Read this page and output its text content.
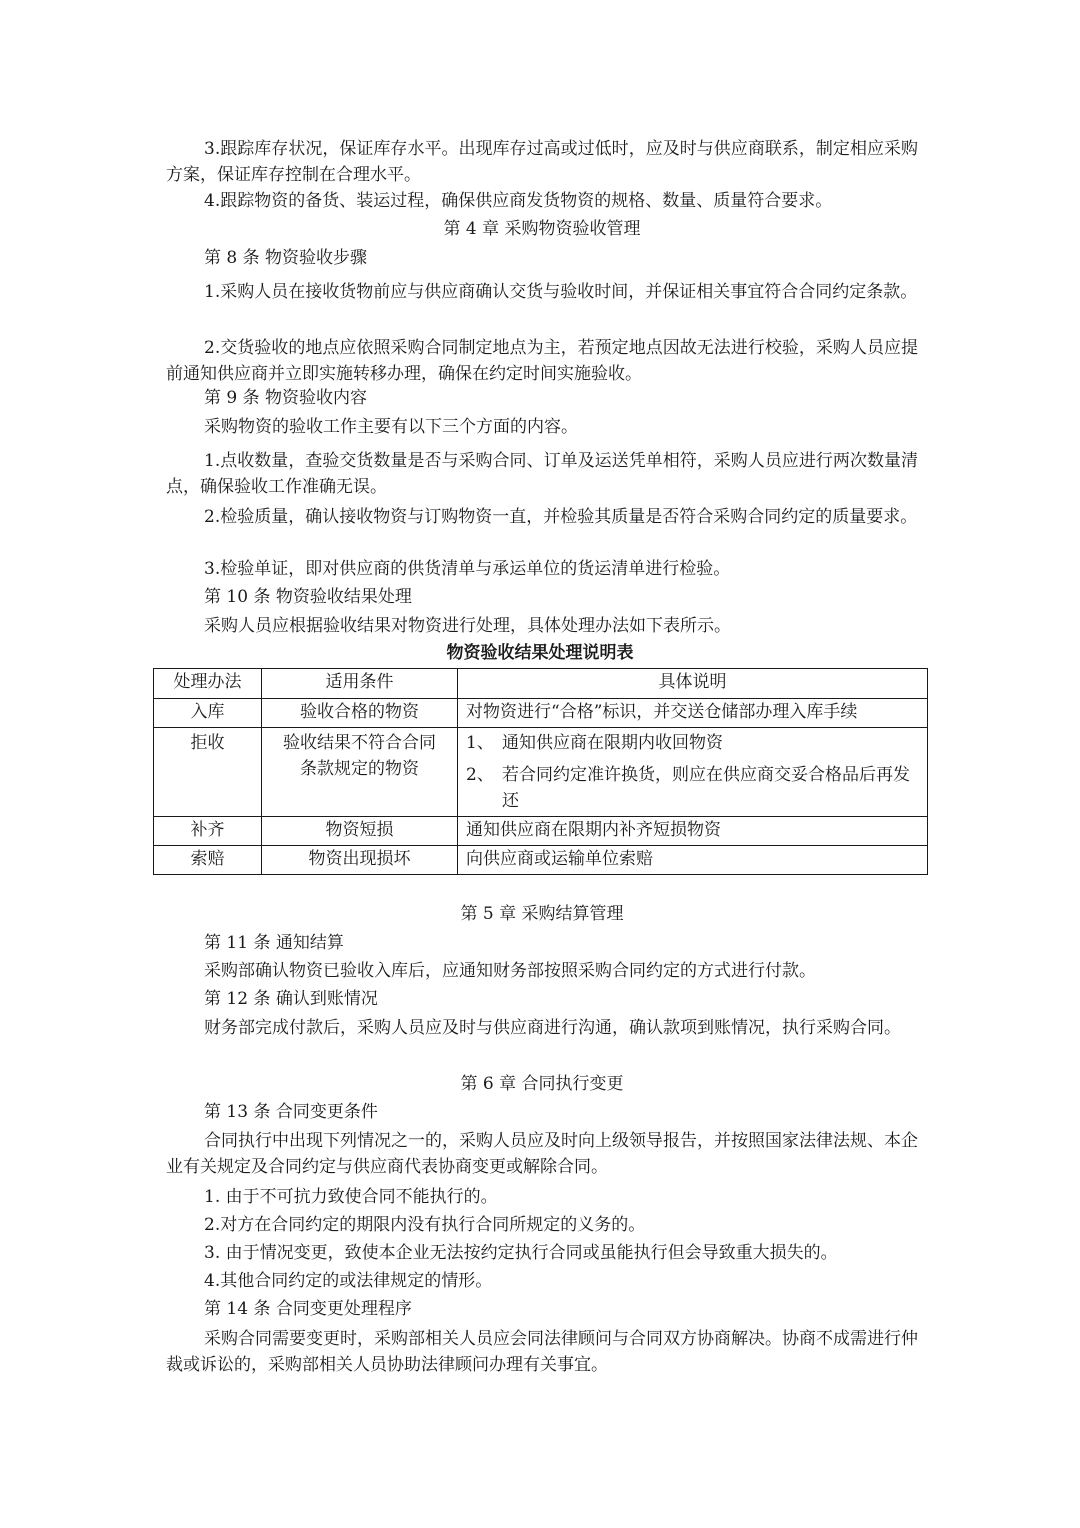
3.跟踪库存状况，保证库存水平。出现库存过高或过低时，应及时与供应商联系，制定相应采购方案，保证库存控制在合理水平。

4.跟踪物资的备货、装运过程，确保供应商发货物资的规格、数量、质量符合要求。

第 4 章 采购物资验收管理

第 8 条 物资验收步骤

1.采购人员在接收货物前应与供应商确认交货与验收时间，并保证相关事宜符合合同约定条款。

2.交货验收的地点应依照采购合同制定地点为主，若预定地点因故无法进行校验，采购人员应提前通知供应商并立即实施转移办理，确保在约定时间实施验收。

第 9 条 物资验收内容

采购物资的验收工作主要有以下三个方面的内容。

1.点收数量，查验交货数量是否与采购合同、订单及运送凭单相符，采购人员应进行两次数量清点，确保验收工作准确无误。

2.检验质量，确认接收物资与订购物资一直，并检验其质量是否符合采购合同约定的质量要求。

3.检验单证，即对供应商的供货清单与承运单位的货运清单进行检验。

第 10 条 物资验收结果处理

采购人员应根据验收结果对物资进行处理，具体处理办法如下表所示。

物资验收结果处理说明表

处理办法	适用条件	具体说明
入库	验收合格的物资	对物资进行“合格”标识，并交送仓储部办理入库手续
拒收	验收结果不符合合同条款规定的物资	1、 通知供应商在限期内收回物资
2、 若合同约定准许换货，则应在供应商交妥合格品后再发还

补齐	物资短损	通知供应商在限期内补齐短损物资
索赔	物资出现损坏	向供应商或运输单位索赔

第 5 章 采购结算管理

第 11 条 通知结算

采购部确认物资已验收入库后，应通知财务部按照采购合同约定的方式进行付款。

第 12 条 确认到账情况

财务部完成付款后，采购人员应及时与供应商进行沟通，确认款项到账情况，执行采购合同。

第 6 章 合同执行变更

第 13 条 合同变更条件

合同执行中出现下列情况之一的，采购人员应及时向上级领导报告，并按照国家法律法规、本企业有关规定及合同约定与供应商代表协商变更或解除合同。

1. 由于不可抗力致使合同不能执行的。

2.对方在合同约定的期限内没有执行合同所规定的义务的。

3. 由于情况变更，致使本企业无法按约定执行合同或虽能执行但会导致重大损失的。

4.其他合同约定的或法律规定的情形。

第 14 条 合同变更处理程序

采购合同需要变更时，采购部相关人员应会同法律顾问与合同双方协商解决。协商不成需进行仲裁或诉讼的，采购部相关人员协助法律顾问办理有关事宜。
